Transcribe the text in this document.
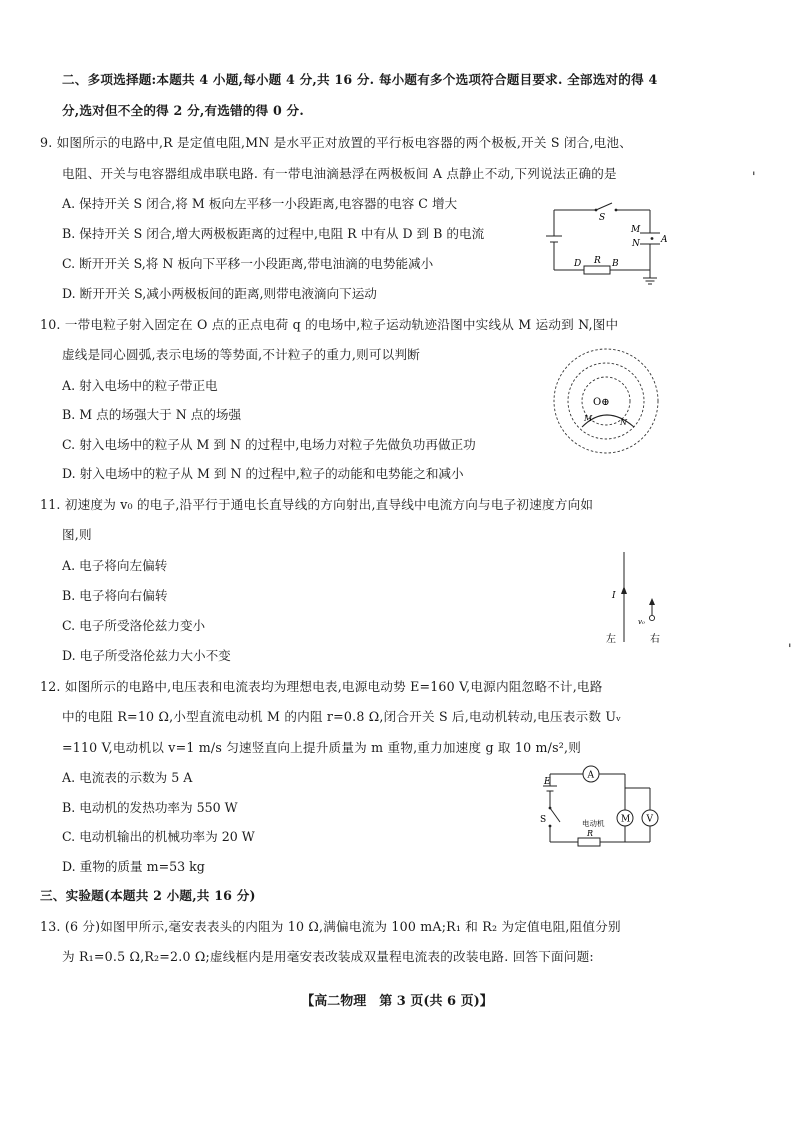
二、多项选择题:本题共 4 小题,每小题 4 分,共 16 分. 每小题有多个选项符合题目要求. 全部选对的得 4
分,选对但不全的得 2 分,有选错的得 0 分.
9. 如图所示的电路中,R 是定值电阻,MN 是水平正对放置的平行板电容器的两个极板,开关 S 闭合,电池、
电阻、开关与电容器组成串联电路. 有一带电油滴悬浮在两极板间 A 点静止不动,下列说法正确的是
A. 保持开关 S 闭合,将 M 板向左平移一小段距离,电容器的电容 C 增大
B. 保持开关 S 闭合,增大两极板距离的过程中,电阻 R 中有从 D 到 B 的电流
C. 断开开关 S,将 N 板向下平移一小段距离,带电油滴的电势能减小
D. 断开开关 S,减小两极板间的距离,则带电液滴向下运动
S
M
N A
D R B
10. 一带电粒子射入固定在 O 点的正点电荷 q 的电场中,粒子运动轨迹沿图中实线从 M 运动到 N,图中
虚线是同心圆弧,表示电场的等势面,不计粒子的重力,则可以判断
A. 射入电场中的粒子带正电
B. M 点的场强大于 N 点的场强
C. 射入电场中的粒子从 M 到 N 的过程中,电场力对粒子先做负功再做正功
D. 射入电场中的粒子从 M 到 N 的过程中,粒子的动能和电势能之和减小
O⊕
M	N
11. 初速度为 v₀ 的电子,沿平行于通电长直导线的方向射出,直导线中电流方向与电子初速度方向如
图,则
A. 电子将向左偏转
B. 电子将向右偏转
C. 电子所受洛伦兹力变小
D. 电子所受洛伦兹力大小不变
I
v₀
左	右
12. 如图所示的电路中,电压表和电流表均为理想电表,电源电动势 E=160 V,电源内阻忽略不计,电路
中的电阻 R=10 Ω,小型直流电动机 M 的内阻 r=0.8 Ω,闭合开关 S 后,电动机转动,电压表示数 Uᵥ
=110 V,电动机以 v=1 m/s 匀速竖直向上提升质量为 m 重物,重力加速度 g 取 10 m/s²,则
A. 电流表的示数为 5 A
B. 电动机的发热功率为 550 W
C. 电动机输出的机械功率为 20 W
D. 重物的质量 m=53 kg
E
A
S	电动机
R
M V
三、实验题(本题共 2 小题,共 16 分)
13. (6 分)如图甲所示,毫安表表头的内阻为 10 Ω,满偏电流为 100 mA;R₁ 和 R₂ 为定值电阻,阻值分别
为 R₁=0.5 Ω,R₂=2.0 Ω;虚线框内是用毫安表改装成双量程电流表的改装电路. 回答下面问题:
【高二物理　第 3 页(共 6 页)】
'
'
